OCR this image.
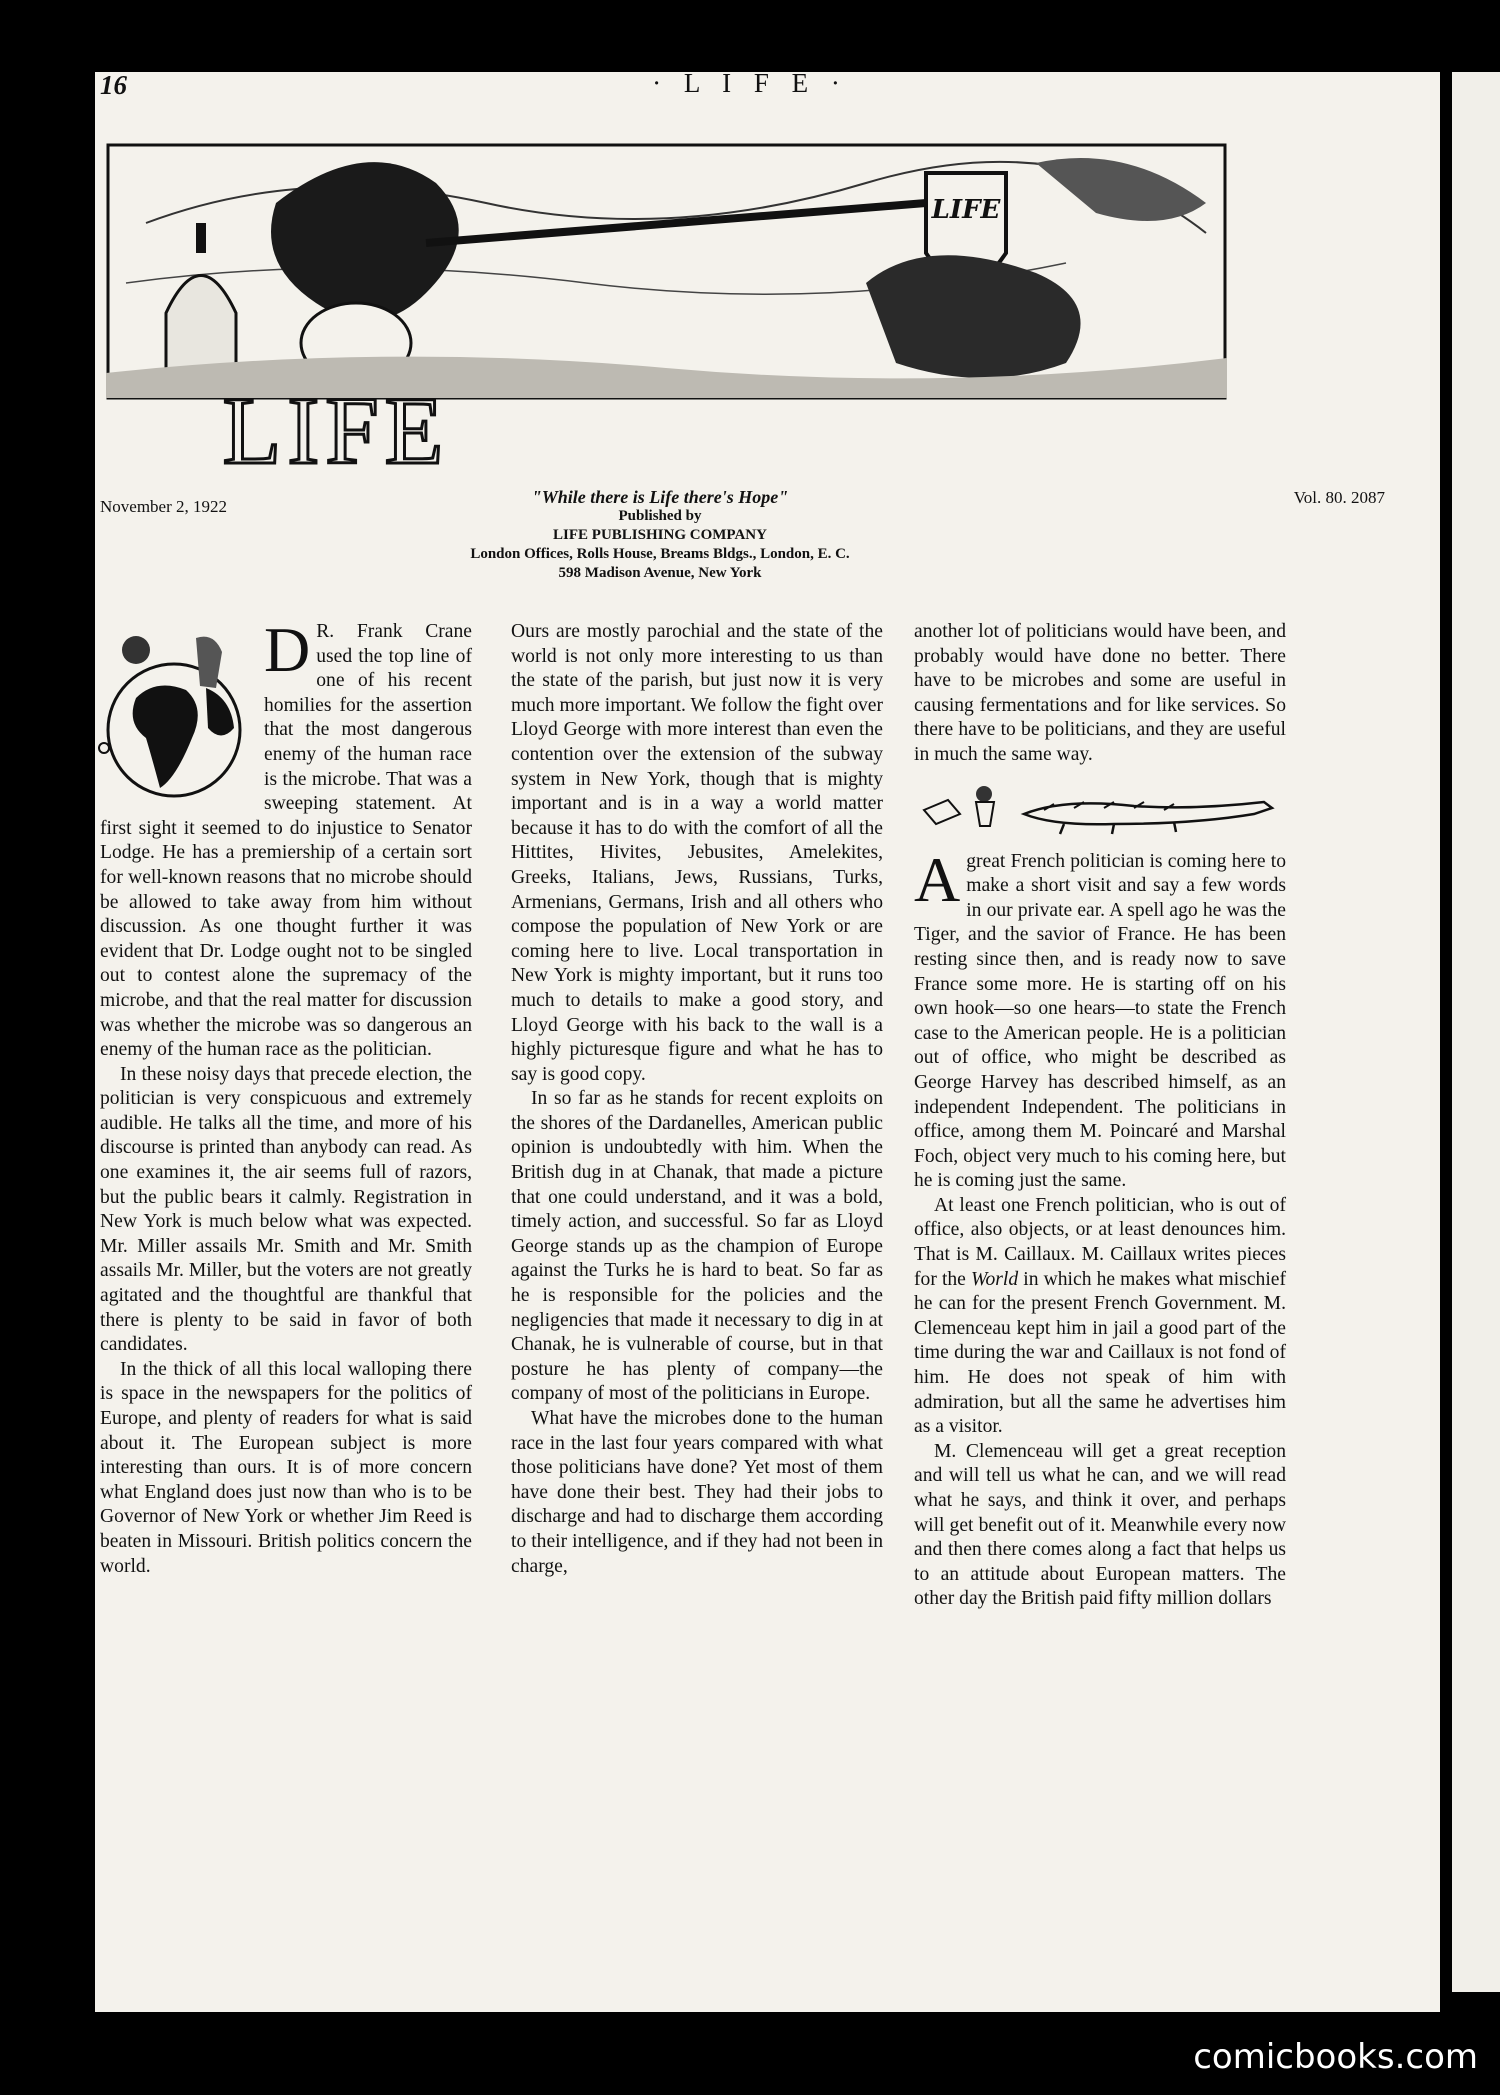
16	· L I F E ·
LIFE
LIFE
November 2, 1922	Vol. 80. 2087
"While there is Life there's Hope"
Published by
LIFE PUBLISHING COMPANY
London Offices, Rolls House, Breams Bldgs., London, E. C.
598 Madison Avenue, New York
D R. Frank Crane used the top line of one of his recent homilies for the assertion that the most dangerous enemy of the human race is the microbe. That was a sweeping statement. At first sight it seemed to do injustice to Senator Lodge. He has a premiership of a certain sort for well-known reasons that no microbe should be allowed to take away from him without discussion. As one thought further it was evident that Dr. Lodge ought not to be singled out to contest alone the supremacy of the microbe, and that the real matter for discussion was whether the microbe was so dangerous an enemy of the human race as the politician.

In these noisy days that precede election, the politician is very conspicuous and extremely audible. He talks all the time, and more of his discourse is printed than anybody can read. As one examines it, the air seems full of razors, but the public bears it calmly. Registration in New York is much below what was expected. Mr. Miller assails Mr. Smith and Mr. Smith assails Mr. Miller, but the voters are not greatly agitated and the thoughtful are thankful that there is plenty to be said in favor of both candidates.

In the thick of all this local walloping there is space in the newspapers for the politics of Europe, and plenty of readers for what is said about it. The European subject is more interesting than ours. It is of more concern what England does just now than who is to be Governor of New York or whether Jim Reed is beaten in Missouri. British politics concern the world.

Ours are mostly parochial and the state of the world is not only more interesting to us than the state of the parish, but just now it is very much more important. We follow the fight over Lloyd George with more interest than even the contention over the extension of the subway system in New York, though that is mighty important and is in a way a world matter because it has to do with the comfort of all the Hittites, Hivites, Jebusites, Amelekites, Greeks, Italians, Jews, Russians, Turks, Armenians, Germans, Irish and all others who compose the population of New York or are coming here to live. Local transportation in New York is mighty important, but it runs too much to details to make a good story, and Lloyd George with his back to the wall is a highly picturesque figure and what he has to say is good copy.

In so far as he stands for recent exploits on the shores of the Dardanelles, American public opinion is undoubtedly with him. When the British dug in at Chanak, that made a picture that one could understand, and it was a bold, timely action, and successful. So far as Lloyd George stands up as the champion of Europe against the Turks he is hard to beat. So far as he is responsible for the policies and the negligencies that made it necessary to dig in at Chanak, he is vulnerable of course, but in that posture he has plenty of company—the company of most of the politicians in Europe.

What have the microbes done to the human race in the last four years compared with what those politicians have done? Yet most of them have done their best. They had their jobs to discharge and had to discharge them according to their intelligence, and if they had not been in charge,

another lot of politicians would have been, and probably would have done no better. There have to be microbes and some are useful in causing fermentations and for like services. So there have to be politicians, and they are useful in much the same way.

A great French politician is coming here to make a short visit and say a few words in our private ear. A spell ago he was the Tiger, and the savior of France. He has been resting since then, and is ready now to save France some more. He is starting off on his own hook—so one hears—to state the French case to the American people. He is a politician out of office, who might be described as George Harvey has described himself, as an independent Independent. The politicians in office, among them M. Poincaré and Marshal Foch, object very much to his coming here, but he is coming just the same.

At least one French politician, who is out of office, also objects, or at least denounces him. That is M. Caillaux. M. Caillaux writes pieces for the World in which he makes what mischief he can for the present French Government. M. Clemenceau kept him in jail a good part of the time during the war and Caillaux is not fond of him. He does not speak of him with admiration, but all the same he advertises him as a visitor.

M. Clemenceau will get a great reception and will tell us what he can, and we will read what he says, and think it over, and perhaps will get benefit out of it. Meanwhile every now and then there comes along a fact that helps us to an attitude about European matters. The other day the British paid fifty million dollars

comicbooks.com
